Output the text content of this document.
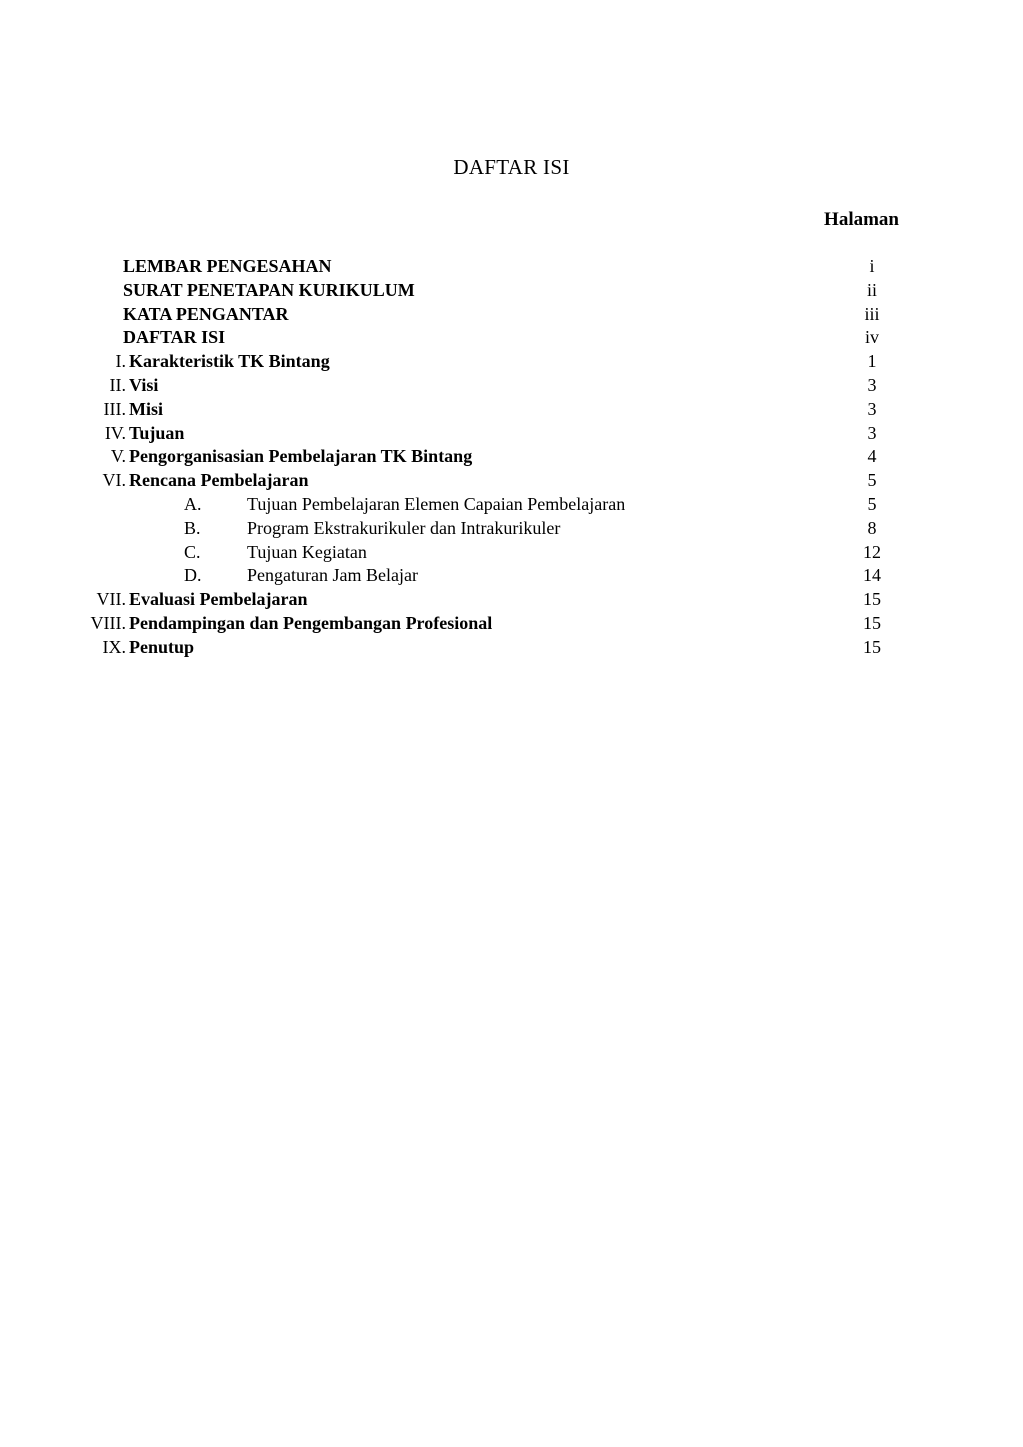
DAFTAR ISI
Halaman
LEMBAR PENGESAHAN	i
SURAT PENETAPAN KURIKULUM	ii
KATA PENGANTAR	iii
DAFTAR ISI	iv
I. Karakteristik TK Bintang	1
II. Visi	3
III. Misi	3
IV. Tujuan	3
V. Pengorganisasian Pembelajaran TK Bintang	4
VI. Rencana Pembelajaran	5
A.	Tujuan Pembelajaran Elemen Capaian Pembelajaran	5
B.	Program Ekstrakurikuler dan Intrakurikuler	8
C.	Tujuan Kegiatan	12
D.	Pengaturan Jam Belajar	14
VII. Evaluasi Pembelajaran	15
VIII. Pendampingan dan Pengembangan Profesional	15
IX. Penutup	15
